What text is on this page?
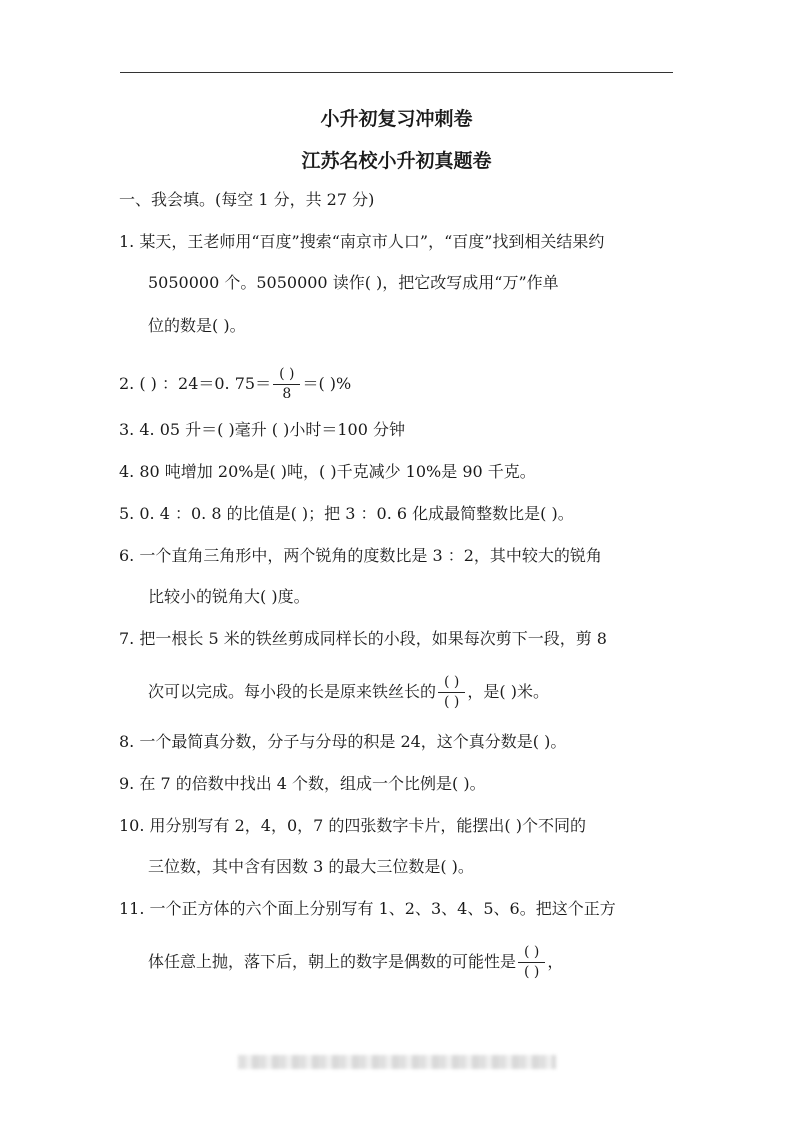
小升初复习冲刺卷
江苏名校小升初真题卷
一、我会填。(每空 1 分，共 27 分)
1. 某天，王老师用“百度”搜索“南京市人口”，“百度”找到相关结果约
5050000 个。5050000 读作( )，把它改写成用“万”作单
位的数是( )。
2. ( ) ：24＝0. $75= \frac{( )}{8}$ ＝( )%
3. 4. 05 升＝( )毫升 ( )小时＝100 分钟
4. 80 吨增加 20%是( )吨，( )千克减少 10%是 90 千克。
5. 0. 4 ：0. 8 的比值是( )；把 3 ：0. 6 化成最简整数比是( )。
6. 一个直角三角形中，两个锐角的度数比是 3 ：2，其中较大的锐角
比较小的锐角大( )度。
7. 把一根长 5 米的铁丝剪成同样长的小段，如果每次剪下一段，剪 8
次可以完成。每小段的长是原来铁丝长的 $\frac{( )}{( )}$ ，是( )米。
8. 一个最简真分数，分子与分母的积是 24，这个真分数是( )。
9. 在 7 的倍数中找出 4 个数，组成一个比例是( )。
10. 用分别写有 2，4，0，7 的四张数字卡片，能摆出( )个不同的
三位数，其中含有因数 3 的最大三位数是( )。
11. 一个正方体的六个面上分别写有 1、2、3、4、5、6。把这个正方
体任意上抛，落下后，朝上的数字是偶数的可能性是 $\frac{( )}{( )}$ ，
